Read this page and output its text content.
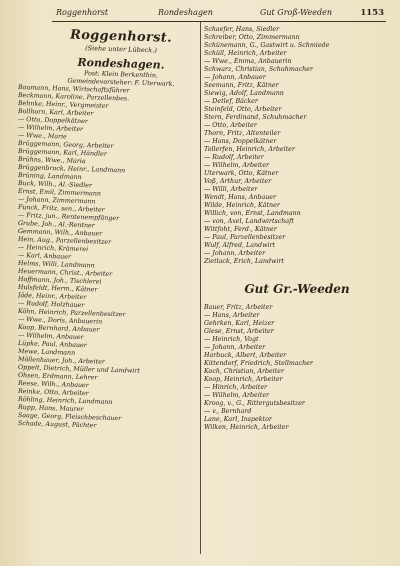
Roggenhorst	Rondeshagen	Gut Groß-Weeden	1153
Roggenhorst.
(Siehe unter Lübeck.)
Rondeshagen.
Post: Klein Berkenthin.
Gemeindevorsteher: F. Uterwark.
Baumann, Hans, Wirtschaftsführer
Beckmann, Karoline, Parzellenbes.
Behnke, Heinr., Vergmeister
Bollhorn, Karl, Arbeiter
— Otto, Doppelkätner
— Wilhelm, Arbeiter
— Wwe., Marie
Brüggemann, Georg, Arbeiter
Brüggemann, Karl, Händler
Brühns, Wwe., Maria
Brüggenbrock, Heinr., Landmann
Brüning, Landmann
Buck, Wilh., Al.-Siedler
Ernst, Emil, Zimmermann
— Johann, Zimmermann
Funck, Fritz, sen., Arbeiter
— Fritz, jun., Rentenempfänger
Grube, Joh., Al.-Rentner
Gemmann, Wilh., Anbauer
Hein, Aug., Parzellenbesitzer
— Heinrich, Krämerei
— Karl, Anbauer
Helms, Willi, Landmann
Heuermann, Christ., Arbeiter
Hoffmann, Joh., Tischlerei
Hulsfeldt, Herm., Kätner
Jäde, Heinr., Arbeiter
— Rudolf, Holzhauer
Köhn, Heinrich, Parzellenbesitzer
— Wwe., Doris, Anbauerin
Koop, Bernhard, Anbauer
— Wilhelm, Anbauer
Lüpke, Paul, Anbauer
Mewe, Landmann
Möllenhauer, Joh., Arbeiter
Oppelt, Dietrich, Müller und Landwirt
Ohsen, Erdmann, Lehrer
Reese, Wilh., Anbauer
Reinke, Otto, Arbeiter
Röhling, Heinrich, Landmann
Rupp, Hans, Maurer
Saage, Georg, Fleischbeschauer
Schade, August, Pächter
Schaefer, Hans, Siedler
Schreiber, Otto, Zimmermann
Schünemann, G., Gastwirt u. Schmiede
Schüll, Heinrich, Arbeiter
— Wwe., Emma, Anbauerin
Schwarz, Christian, Schuhmacher
— Johann, Anbauer
Seemann, Fritz, Kätner
Siewig, Adolf, Landmann
— Detlef, Bäcker
Steinfeld, Otto, Arbeiter
Stern, Ferdinand, Schuhmacher
— Otto, Arbeiter
Thorn, Fritz, Altenteiler
— Hans, Doppelkätner
Tollerfen, Heinrich, Arbeiter
— Rudolf, Arbeiter
— Wilhelm, Arbeiter
Uterwark, Otto, Kätner
Voß, Arthur, Arbeiter
— Willi, Arbeiter
Wendt, Hans, Anbauer
Wilde, Heinrich, Kätner
Willich, von, Ernst, Landmann
— von, Axel, Landwirtschaft
Wittfoht, Ferd., Kätner
— Paul, Parzellenbesitzer
Wulf, Alfred, Landwirt
— Johann, Arbeiter
Zietlack, Erich, Landwirt
Gut Gr.-Weeden
Bauer, Fritz, Arbeiter
— Hans, Arbeiter
Gehrken, Karl, Heizer
Giese, Ernst, Arbeiter
— Heinrich, Vogt
— Johann, Arbeiter
Harbuck, Albert, Arbeiter
Kittendorf, Friedrich, Stellmacher
Koch, Christian, Arbeiter
Koop, Heinrich, Arbeiter
— Hinrich, Arbeiter
— Wilhelm, Arbeiter
Kroog, v., G., Rittergutsbesitzer
— v., Bernhard
Lane, Karl, Inspektor
Wilken, Heinrich, Arbeiter
